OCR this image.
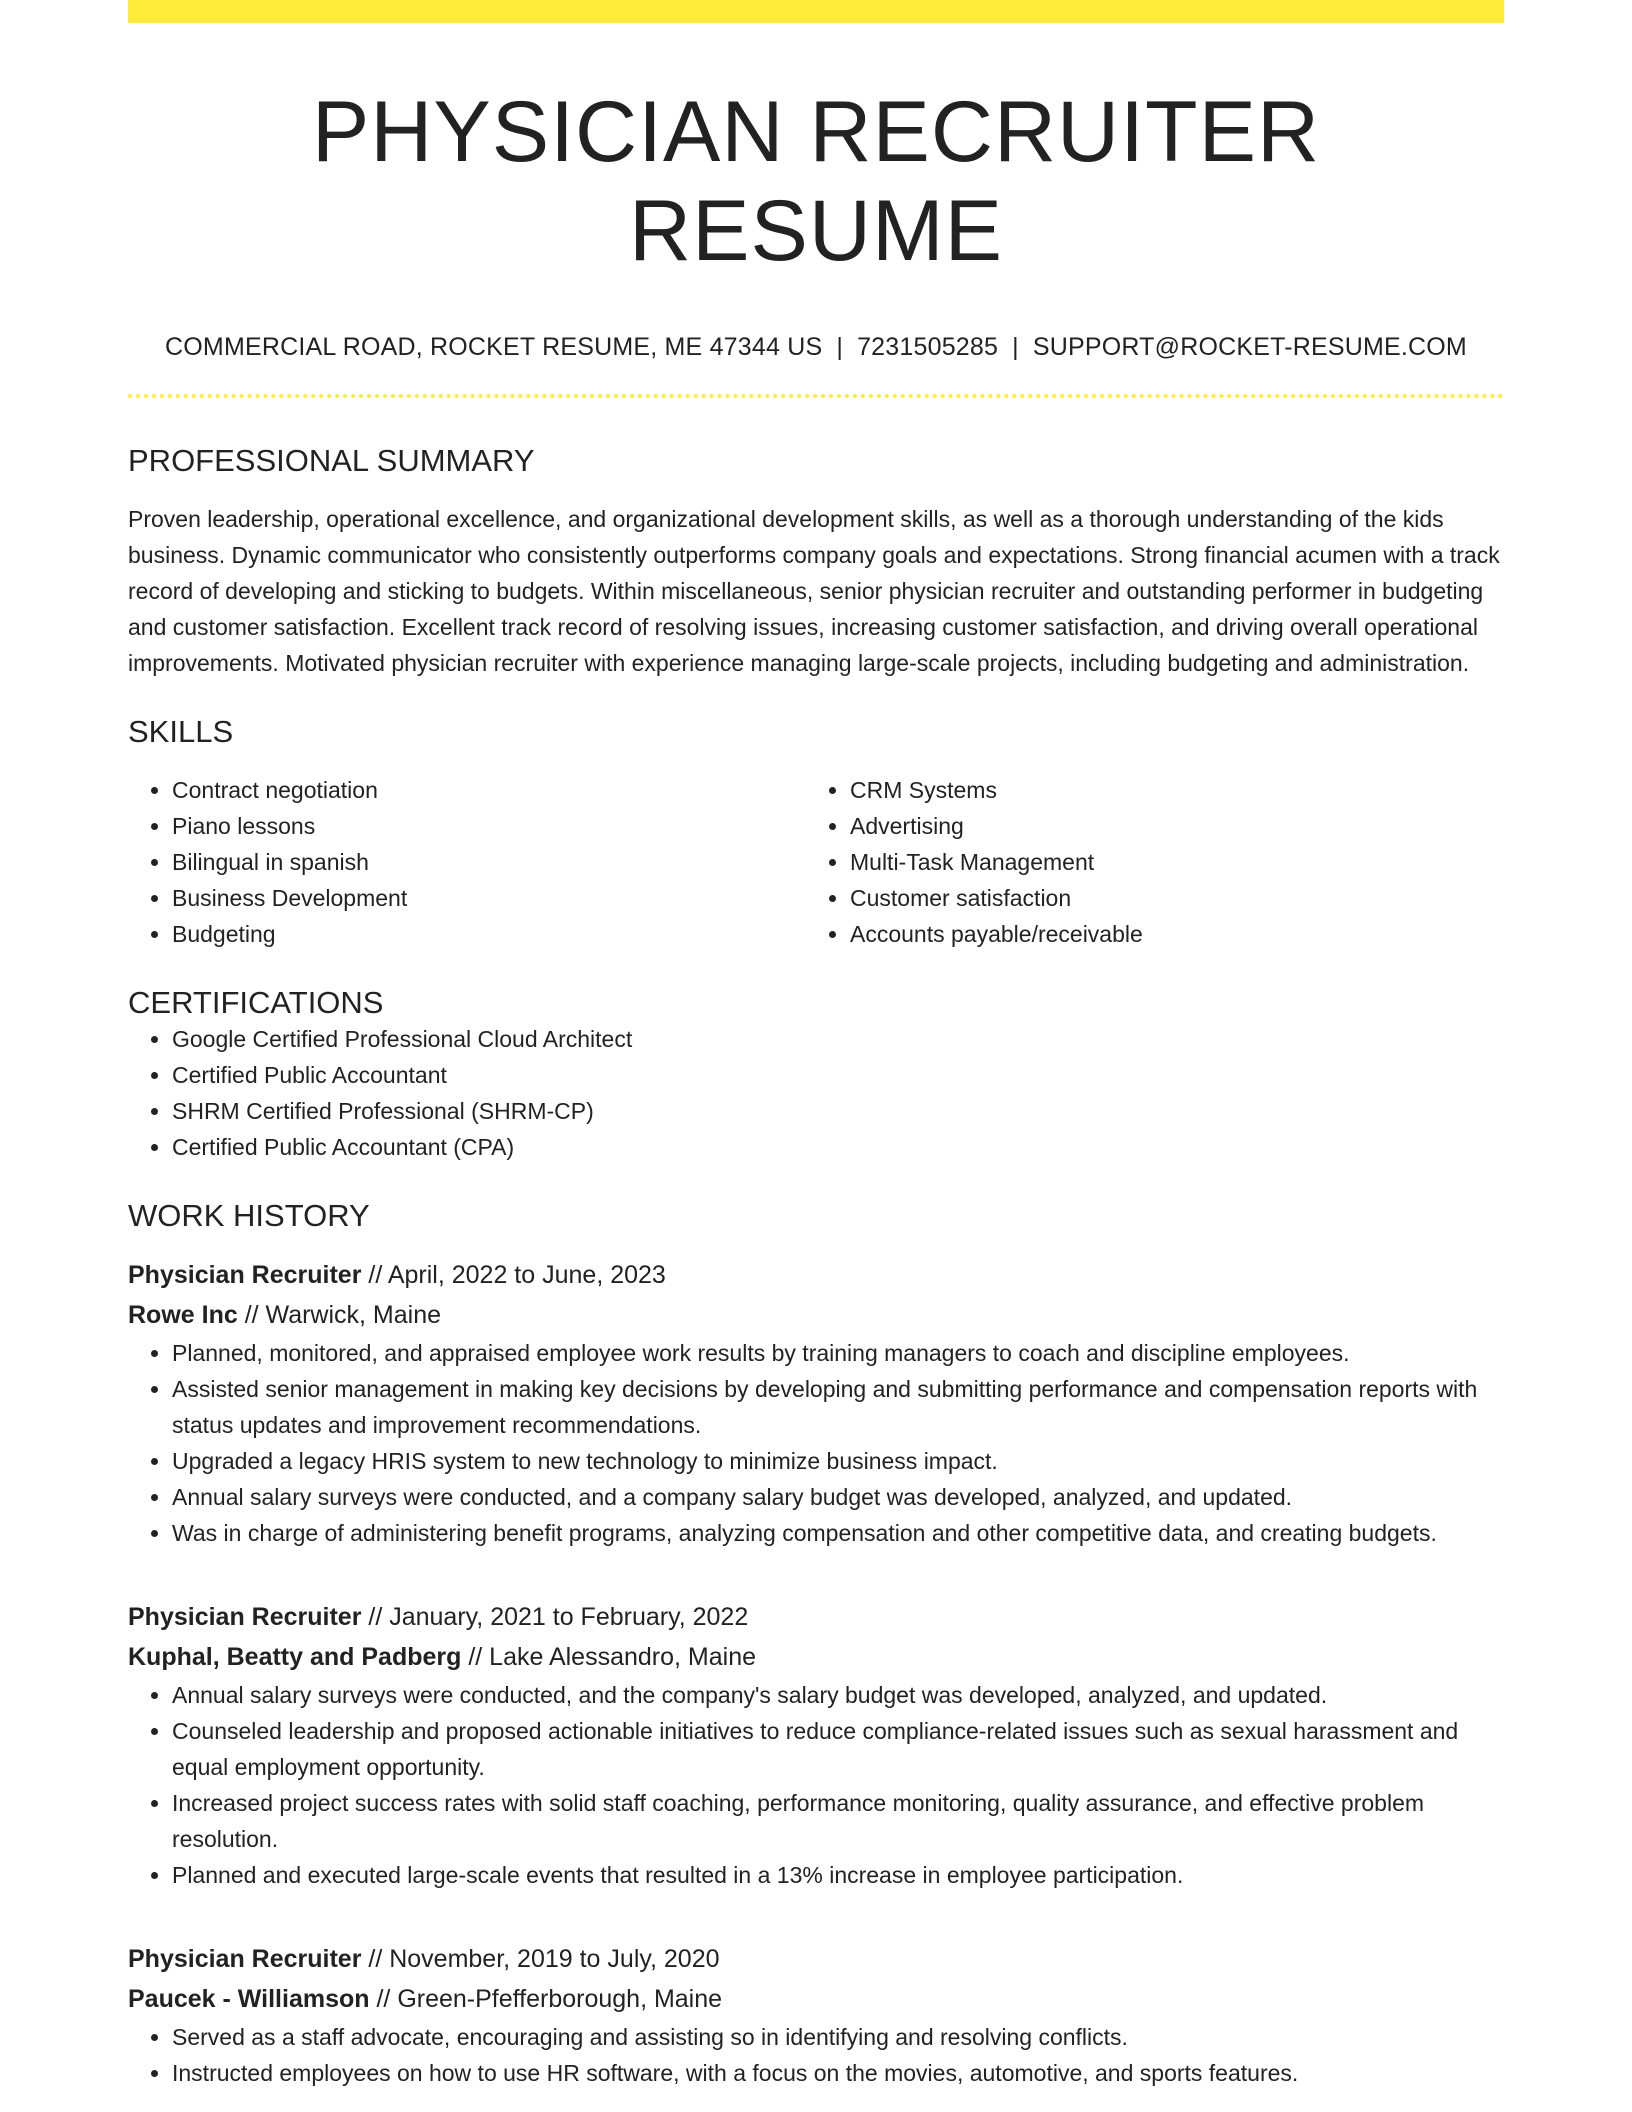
PHYSICIAN RECRUITER RESUME
COMMERCIAL ROAD, ROCKET RESUME, ME 47344 US | 7231505285 | SUPPORT@ROCKET-RESUME.COM
PROFESSIONAL SUMMARY

Proven leadership, operational excellence, and organizational development skills, as well as a thorough understanding of the kids business. Dynamic communicator who consistently outperforms company goals and expectations. Strong financial acumen with a track record of developing and sticking to budgets. Within miscellaneous, senior physician recruiter and outstanding performer in budgeting and customer satisfaction. Excellent track record of resolving issues, increasing customer satisfaction, and driving overall operational improvements. Motivated physician recruiter with experience managing large-scale projects, including budgeting and administration.

SKILLS
• Contract negotiation
• Piano lessons
• Bilingual in spanish
• Business Development
• Budgeting
• CRM Systems
• Advertising
• Multi-Task Management
• Customer satisfaction
• Accounts payable/receivable
CERTIFICATIONS
• Google Certified Professional Cloud Architect
• Certified Public Accountant
• SHRM Certified Professional (SHRM-CP)
• Certified Public Accountant (CPA)
WORK HISTORY
Physician Recruiter // April, 2022 to June, 2023
Rowe Inc // Warwick, Maine
• Planned, monitored, and appraised employee work results by training managers to coach and discipline employees.
• Assisted senior management in making key decisions by developing and submitting performance and compensation reports with status updates and improvement recommendations.
• Upgraded a legacy HRIS system to new technology to minimize business impact.
• Annual salary surveys were conducted, and a company salary budget was developed, analyzed, and updated.
• Was in charge of administering benefit programs, analyzing compensation and other competitive data, and creating budgets.
Physician Recruiter // January, 2021 to February, 2022
Kuphal, Beatty and Padberg // Lake Alessandro, Maine
• Annual salary surveys were conducted, and the company's salary budget was developed, analyzed, and updated.
• Counseled leadership and proposed actionable initiatives to reduce compliance-related issues such as sexual harassment and equal employment opportunity.
• Increased project success rates with solid staff coaching, performance monitoring, quality assurance, and effective problem resolution.
• Planned and executed large-scale events that resulted in a 13% increase in employee participation.
Physician Recruiter // November, 2019 to July, 2020
Paucek - Williamson // Green-Pfefferborough, Maine
• Served as a staff advocate, encouraging and assisting so in identifying and resolving conflicts.
• Instructed employees on how to use HR software, with a focus on the movies, automotive, and sports features.
